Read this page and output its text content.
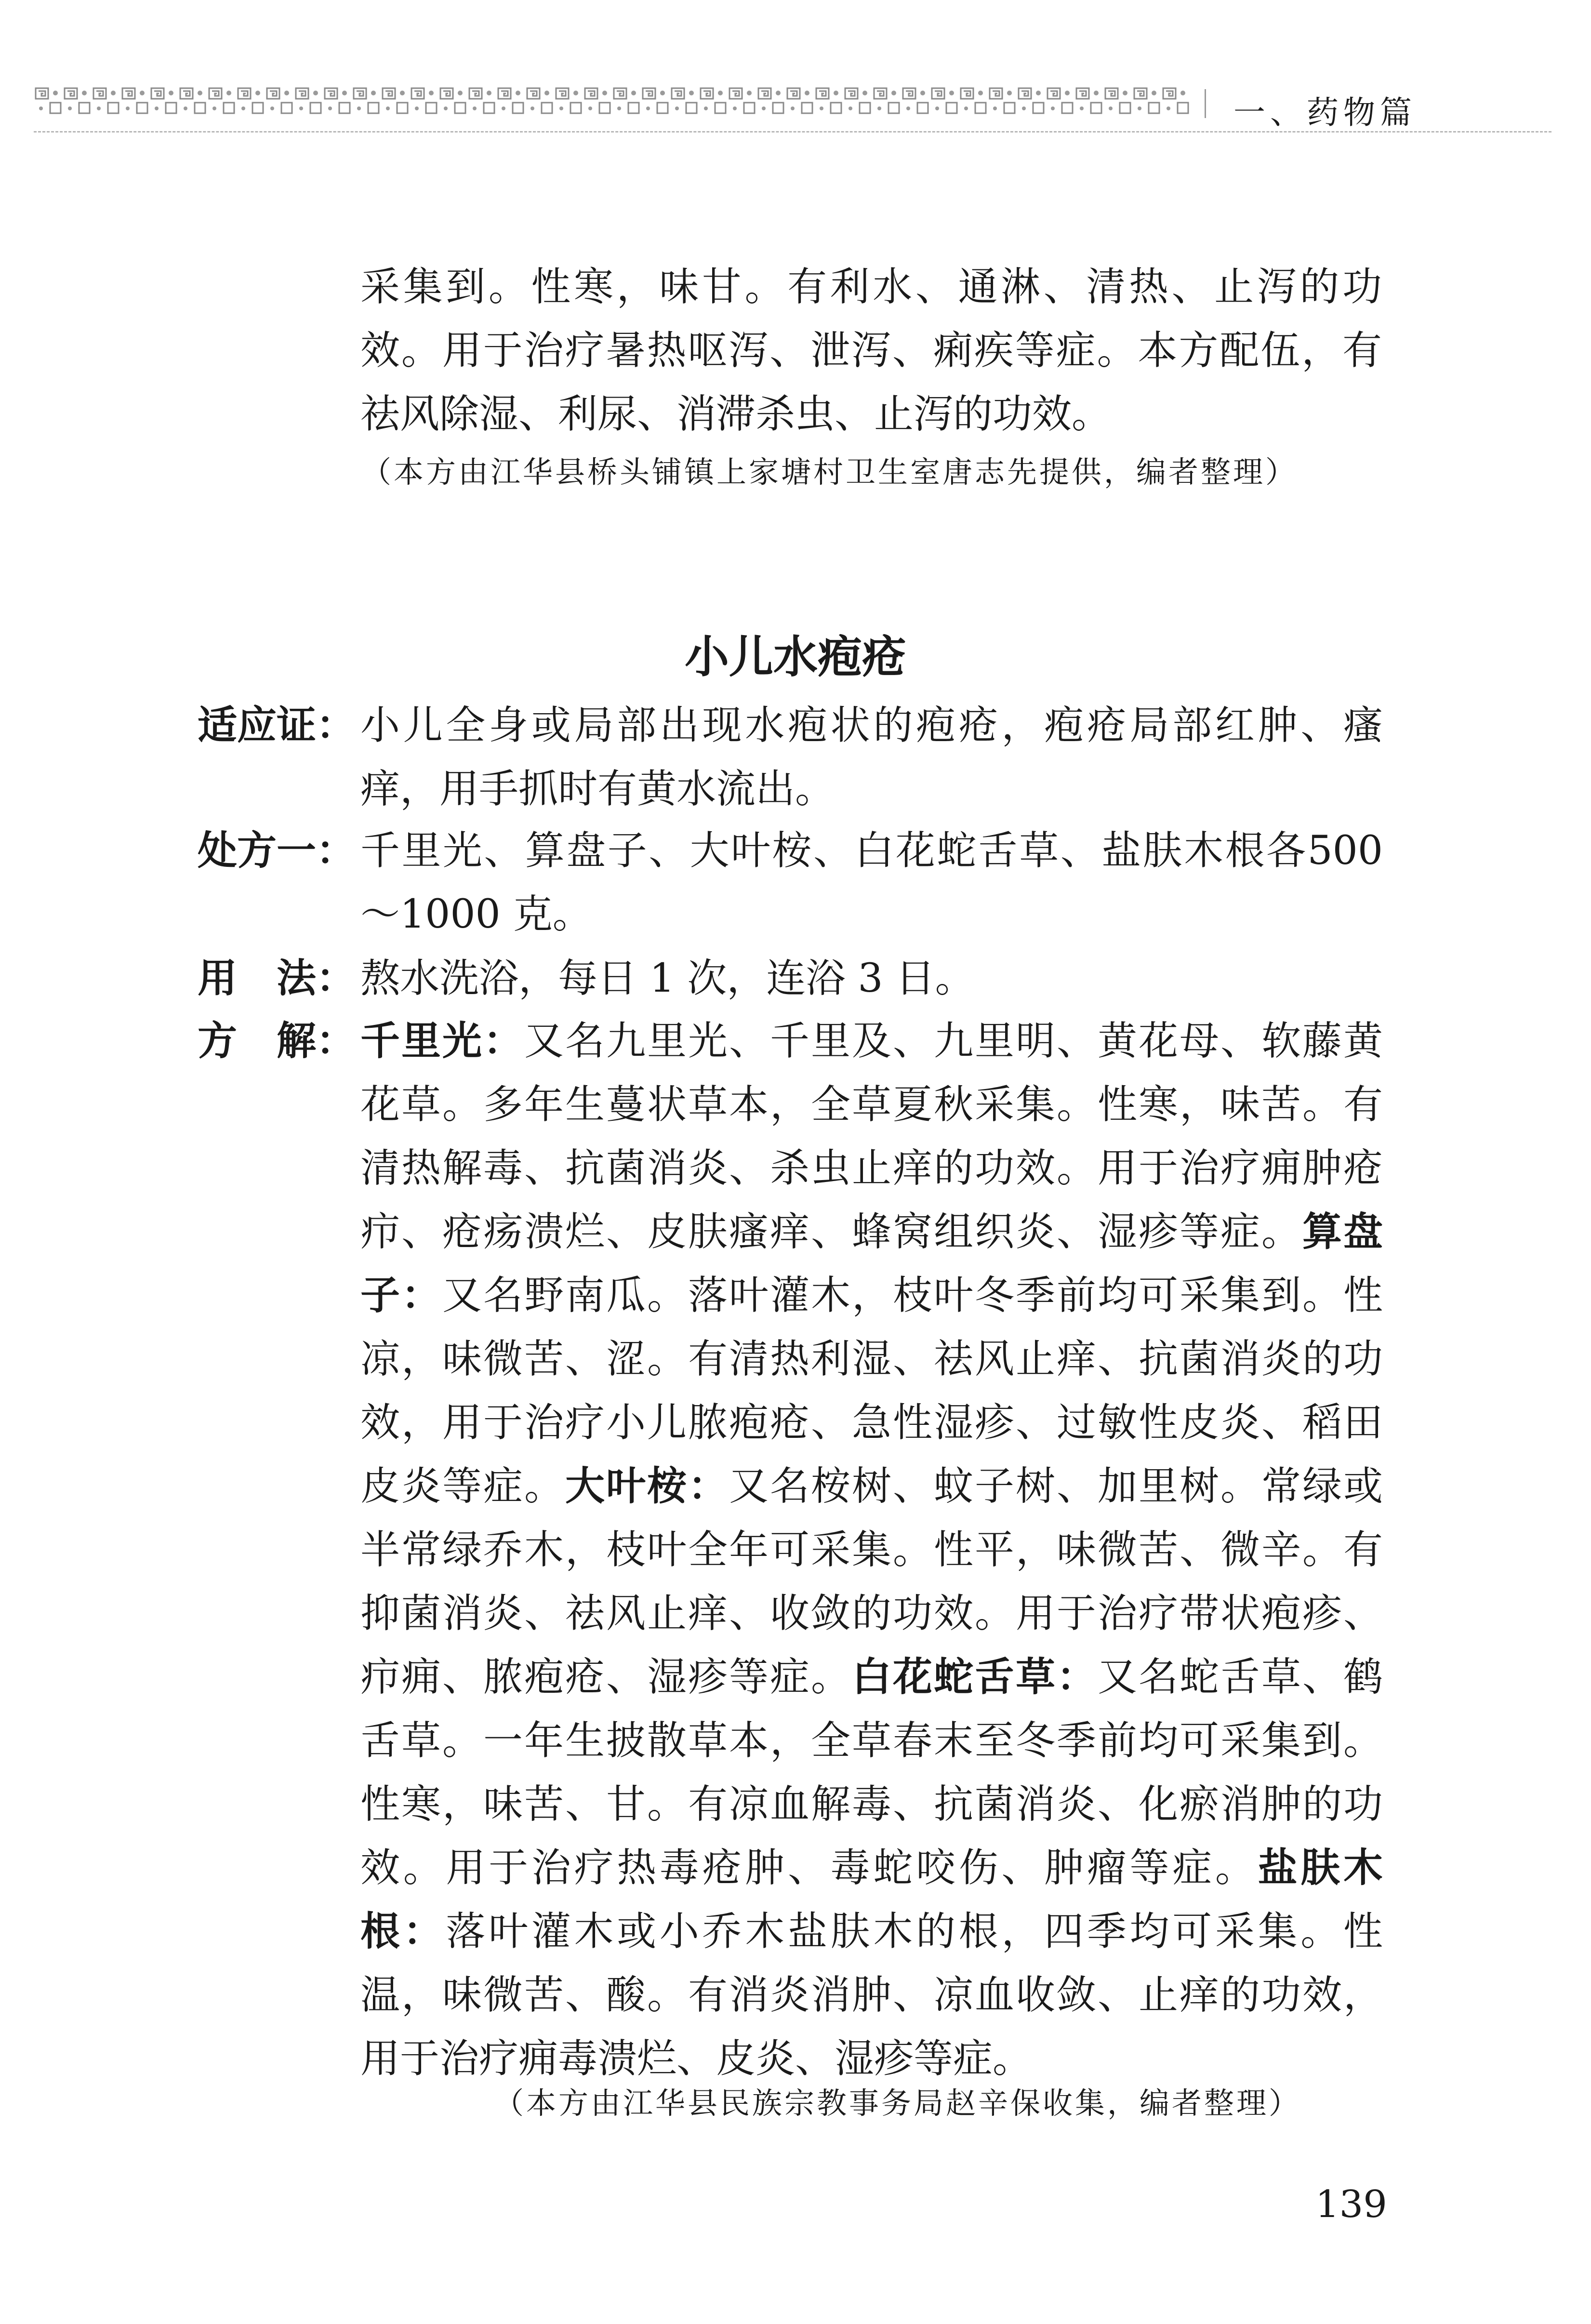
一、药物篇

采集到。性寒，味甘。有利水、通淋、清热、止泻的功效。用于治疗暑热呕泻、泄泻、痢疾等症。本方配伍，有祛风除湿、利尿、消滞杀虫、止泻的功效。

（本方由江华县桥头铺镇上家塘村卫生室唐志先提供，编者整理）

小儿水疱疮
适应证： 小儿全身或局部出现水疱状的疱疮，疱疮局部红肿、瘙痒，用手抓时有黄水流出。
处方一： 千里光、算盘子、大叶桉、白花蛇舌草、盐肤木根各500～1000 克。
用　法： 熬水洗浴，每日 1 次，连浴 3 日。
方　解： 千里光：又名九里光、千里及、九里明、黄花母、软藤黄花草。多年生蔓状草本，全草夏秋采集。性寒，味苦。有清热解毒、抗菌消炎、杀虫止痒的功效。用于治疗痈肿疮疖、疮疡溃烂、皮肤瘙痒、蜂窝组织炎、湿疹等症。算盘子：又名野南瓜。落叶灌木，枝叶冬季前均可采集到。性凉，味微苦、涩。有清热利湿、祛风止痒、抗菌消炎的功效，用于治疗小儿脓疱疮、急性湿疹、过敏性皮炎、稻田皮炎等症。大叶桉：又名桉树、蚊子树、加里树。常绿或半常绿乔木，枝叶全年可采集。性平，味微苦、微辛。有抑菌消炎、祛风止痒、收敛的功效。用于治疗带状疱疹、疖痈、脓疱疮、湿疹等症。白花蛇舌草：又名蛇舌草、鹤舌草。一年生披散草本，全草春末至冬季前均可采集到。性寒，味苦、甘。有凉血解毒、抗菌消炎、化瘀消肿的功效。用于治疗热毒疮肿、毒蛇咬伤、肿瘤等症。盐肤木根：落叶灌木或小乔木盐肤木的根，四季均可采集。性温，味微苦、酸。有消炎消肿、凉血收敛、止痒的功效，用于治疗痈毒溃烂、皮炎、湿疹等症。

（本方由江华县民族宗教事务局赵辛保收集，编者整理）

139
